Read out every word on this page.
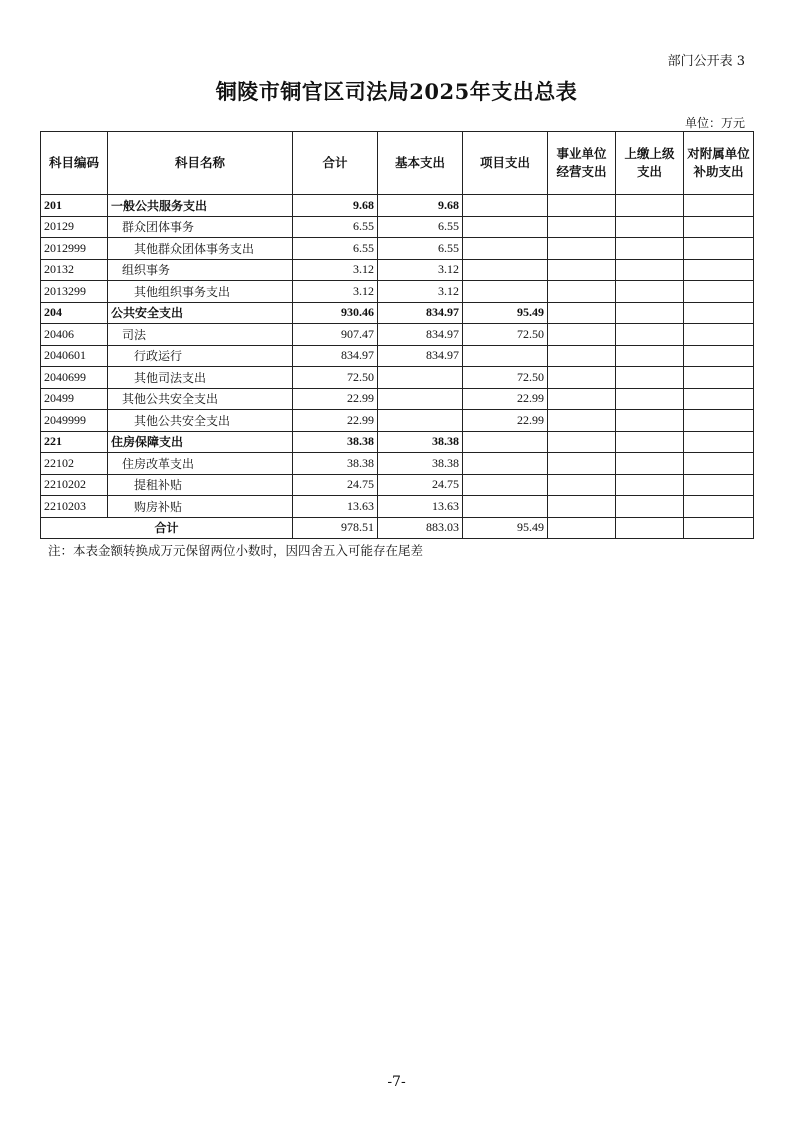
部门公开表 3
铜陵市铜官区司法局2025年支出总表
单位：万元
科目编码	科目名称	合计	基本支出	项目支出	事业单位经营支出	上缴上级支出	对附属单位补助支出
201	一般公共服务支出	9.68	9.68				
20129	群众团体事务	6.55	6.55				
2012999	其他群众团体事务支出	6.55	6.55				
20132	组织事务	3.12	3.12				
2013299	其他组织事务支出	3.12	3.12				
204	公共安全支出	930.46	834.97	95.49			
20406	司法	907.47	834.97	72.50			
2040601	行政运行	834.97	834.97				
2040699	其他司法支出	72.50		72.50			
20499	其他公共安全支出	22.99		22.99			
2049999	其他公共安全支出	22.99		22.99			
221	住房保障支出	38.38	38.38				
22102	住房改革支出	38.38	38.38				
2210202	提租补贴	24.75	24.75				
2210203	购房补贴	13.63	13.63				
合计		978.51	883.03	95.49			
注：本表金额转换成万元保留两位小数时，因四舍五入可能存在尾差
-7-
